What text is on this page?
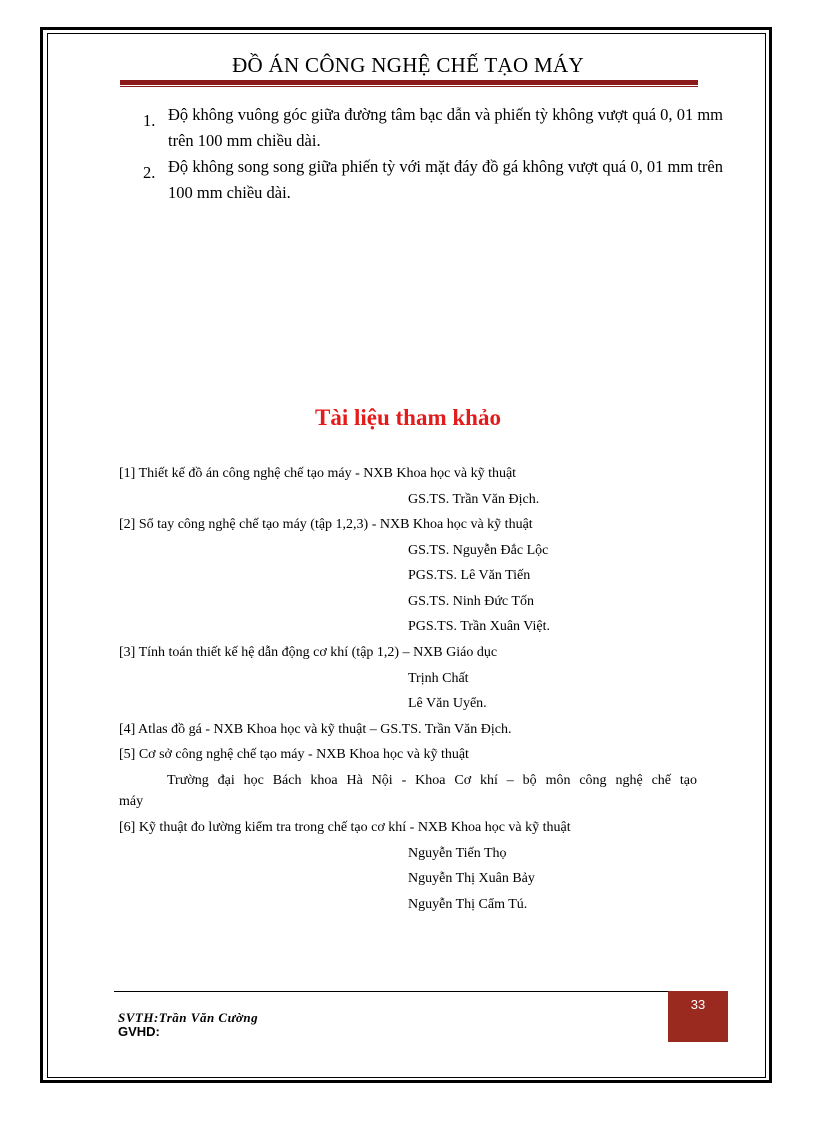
ĐỒ ÁN CÔNG NGHỆ CHẾ TẠO MÁY
1. Độ không vuông góc giữa đường tâm bạc dẫn và phiến tỳ không vượt quá 0, 01 mm trên 100 mm chiều dài.
2. Độ không song song giữa phiến tỳ với mặt đáy đồ gá không vượt quá 0, 01 mm trên 100 mm chiều dài.
Tài liệu tham khảo
[1] Thiết kế đồ án công nghệ chế tạo máy - NXB Khoa học và kỹ thuật
GS.TS. Trần Văn Địch.
[2] Sổ tay công nghệ chế tạo máy (tập 1,2,3) - NXB Khoa học và kỹ thuật
GS.TS. Nguyễn Đắc Lộc
PGS.TS. Lê Văn Tiến
GS.TS. Ninh Đức Tốn
PGS.TS. Trần Xuân Việt.
[3] Tính toán thiết kế hệ dẫn động cơ khí (tập 1,2) – NXB Giáo dục
Trịnh Chất
Lê Văn Uyển.
[4] Atlas đồ gá - NXB Khoa học và kỹ thuật – GS.TS. Trần Văn Địch.
[5] Cơ sở công nghệ chế tạo máy - NXB Khoa học và kỹ thuật
Trường đại học Bách khoa Hà Nội - Khoa Cơ khí – bộ môn công nghệ chế tạo
máy
[6] Kỹ thuật đo lường kiểm tra trong chế tạo cơ khí - NXB Khoa học và kỹ thuật
Nguyễn Tiến Thọ
Nguyễn Thị Xuân Bảy
Nguyễn Thị Cẩm Tú.
33
SVTH:Trần Văn Cường
GVHD:
